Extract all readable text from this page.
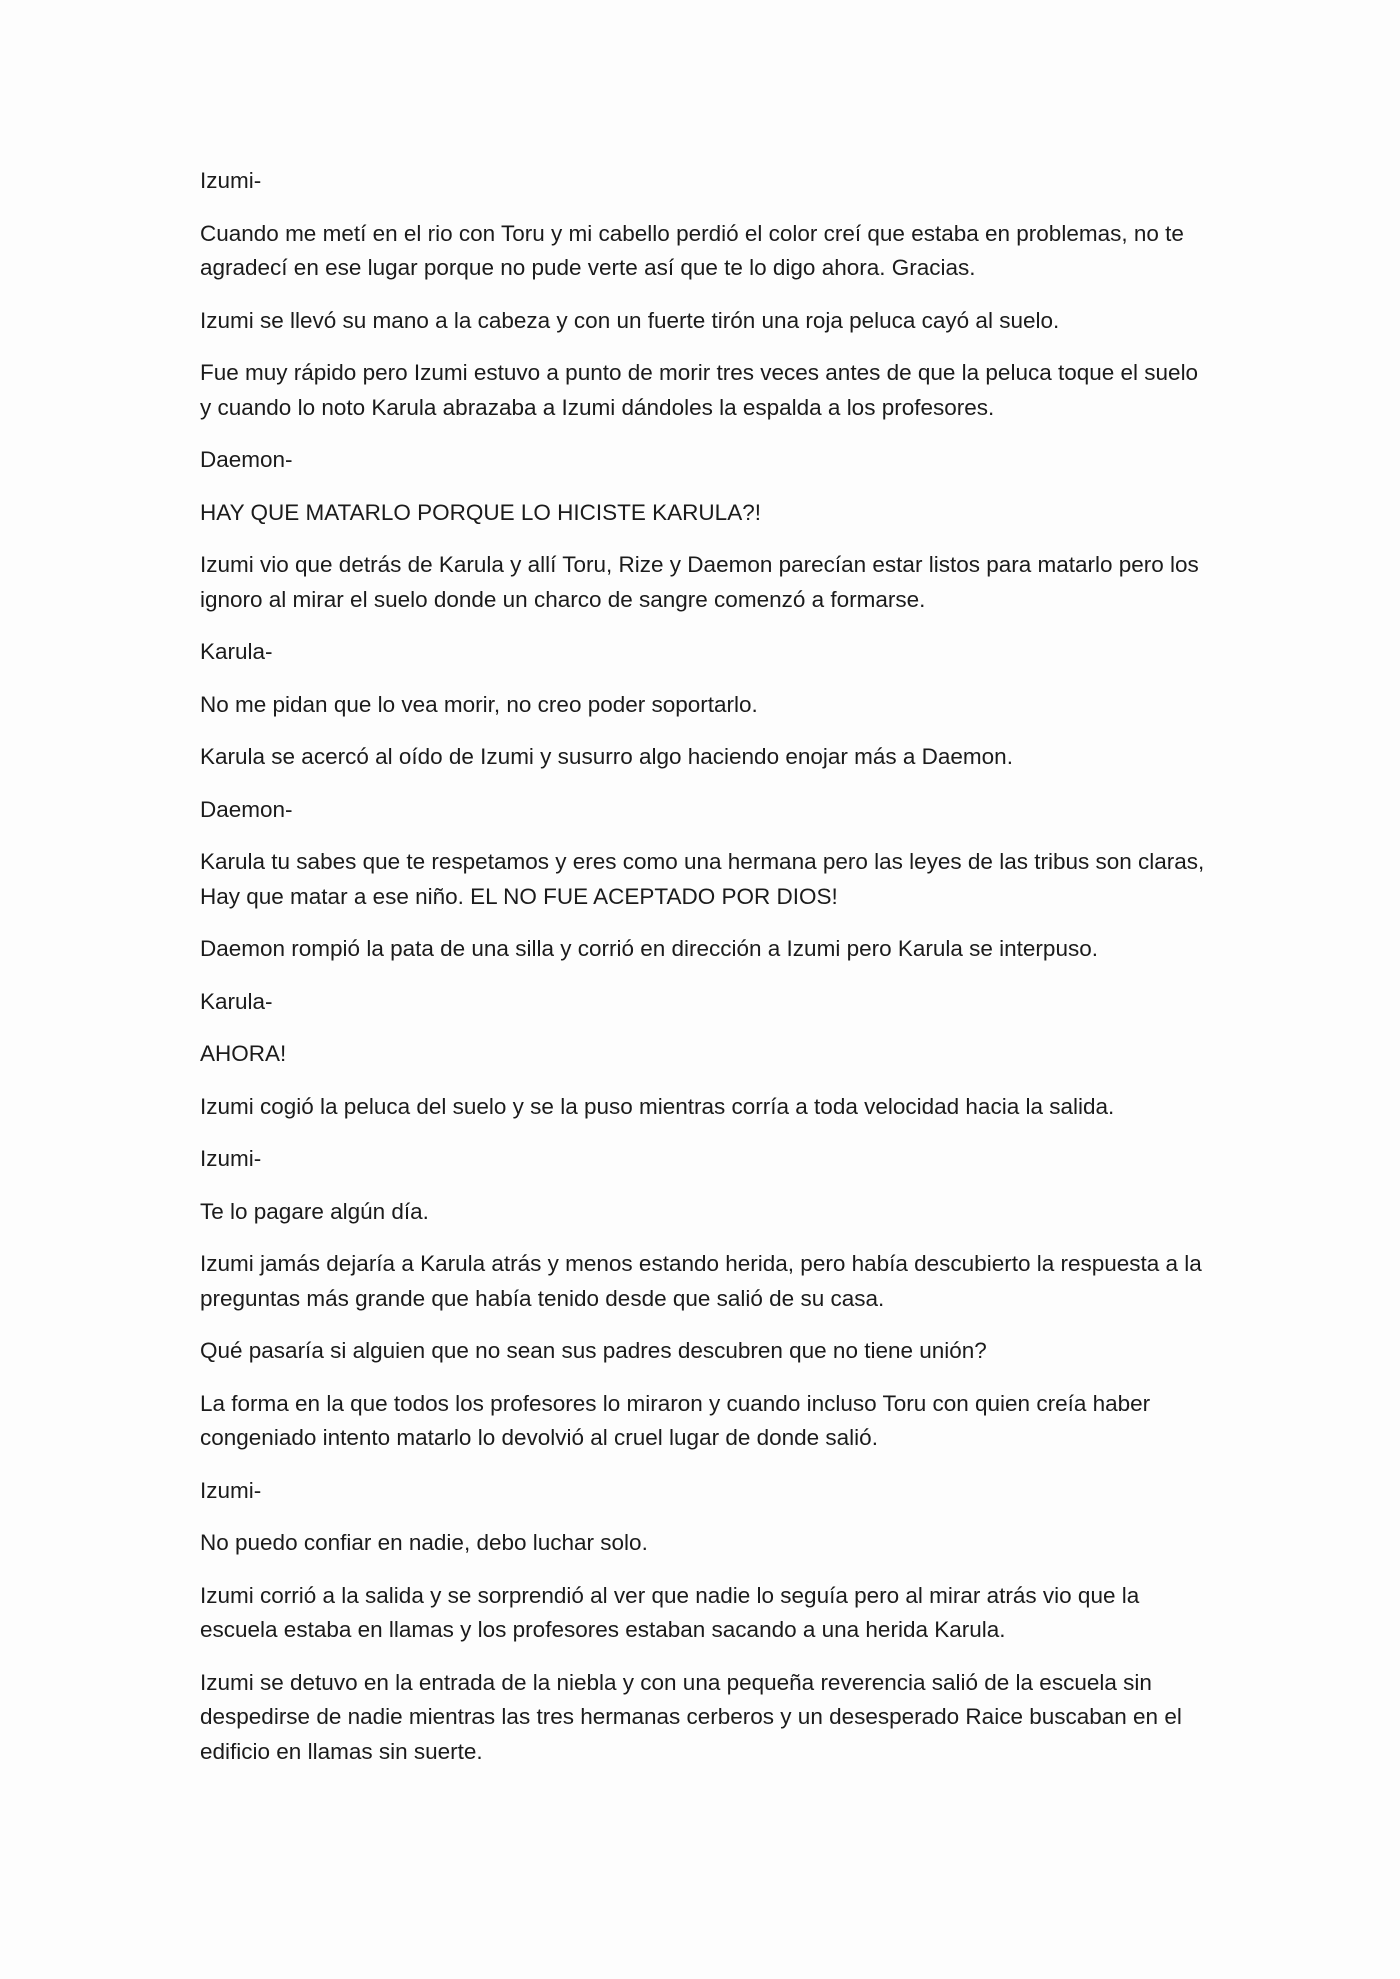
Izumi-

Cuando me metí en el rio con Toru y mi cabello perdió el color creí que estaba en problemas, no te agradecí en ese lugar porque no pude verte así que te lo digo ahora. Gracias.

Izumi se llevó su mano a la cabeza y con un fuerte tirón una roja peluca cayó al suelo.

Fue muy rápido pero Izumi estuvo a punto de morir tres veces antes de que la peluca toque el suelo y cuando lo noto Karula abrazaba a Izumi dándoles la espalda a los profesores.

Daemon-

HAY QUE MATARLO PORQUE LO HICISTE KARULA?!

Izumi vio que detrás de Karula y allí Toru, Rize y Daemon parecían estar listos para matarlo pero los ignoro al mirar el suelo donde un charco de sangre comenzó a formarse.

Karula-

No me pidan que lo vea morir, no creo poder soportarlo.

Karula se acercó al oído de Izumi y susurro algo haciendo enojar más a Daemon.

Daemon-

Karula tu sabes que te respetamos y eres como una hermana pero las leyes de las tribus son claras, Hay que matar a ese niño. EL NO FUE ACEPTADO POR DIOS!

Daemon rompió la pata de una silla y corrió en dirección a Izumi pero Karula se interpuso.

Karula-

AHORA!

Izumi cogió la peluca del suelo y se la puso mientras corría a toda velocidad hacia la salida.

Izumi-

Te lo pagare algún día.

Izumi jamás dejaría a Karula atrás y menos estando herida, pero había descubierto la respuesta a la preguntas más grande que había tenido desde que salió de su casa.

Qué pasaría si alguien que no sean sus padres descubren que no tiene unión?

La forma en la que todos los profesores lo miraron y cuando incluso Toru con quien creía haber congeniado intento matarlo lo devolvió al cruel lugar de donde salió.

Izumi-

No puedo confiar en nadie, debo luchar solo.

Izumi corrió a la salida y se sorprendió al ver que nadie lo seguía pero al mirar atrás vio que la escuela estaba en llamas y los profesores estaban sacando a una herida Karula.

Izumi se detuvo en la entrada de la niebla y con una pequeña reverencia salió de la escuela sin despedirse de nadie mientras las tres hermanas cerberos y un desesperado Raice buscaban en el edificio en llamas sin suerte.
